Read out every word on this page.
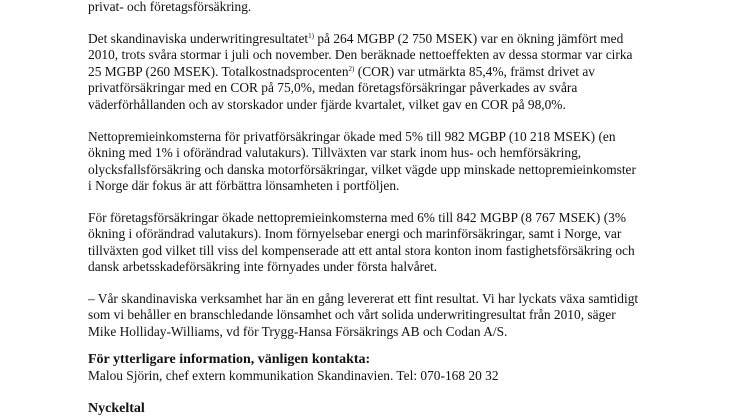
privat- och företagsförsäkring.

Det skandinaviska underwritingresultatet$^{1)}$ på 264 MGBP (2 750 MSEK) var en ökning jämfört med
2010, trots svåra stormar i juli och november. Den beräknade nettoeffekten av dessa stormar var cirka
25 MGBP (260 MSEK). Totalkostnadsprocenten$^{2)}$ (COR) var utmärkta 85,4%, främst drivet av
privatförsäkringar med en COR på 75,0%, medan företagsförsäkringar påverkades av svåra
väderförhållanden och av storskador under fjärde kvartalet, vilket gav en COR på 98,0%.

Nettopremieinkomsterna för privatförsäkringar ökade med 5% till 982 MGBP (10 218 MSEK) (en
ökning med 1% i oförändrad valutakurs). Tillväxten var stark inom hus- och hemförsäkring,
olycksfallsförsäkring och danska motorförsäkringar, vilket vägde upp minskade nettopremieinkomster
i Norge där fokus är att förbättra lönsamheten i portföljen.

För företagsförsäkringar ökade nettopremieinkomsterna med 6% till 842 MGBP (8 767 MSEK) (3%
ökning i oförändrad valutakurs). Inom förnyelsebar energi och marinförsäkringar, samt i Norge, var
tillväxten god vilket till viss del kompenserade att ett antal stora konton inom fastighetsförsäkring och
dansk arbetsskadeförsäkring inte förnyades under första halvåret.

– Vår skandinaviska verksamhet har än en gång levererat ett fint resultat. Vi har lyckats växa samtidigt
som vi behåller en branschledande lönsamhet och vårt solida underwritingresultat från 2010, säger
Mike Holliday-Williams, vd för Trygg-Hansa Försäkrings AB och Codan A/S.

För ytterligare information, vänligen kontakta:
Malou Sjörin, chef extern kommunikation Skandinavien. Tel: 070-168 20 32

Nyckeltal
